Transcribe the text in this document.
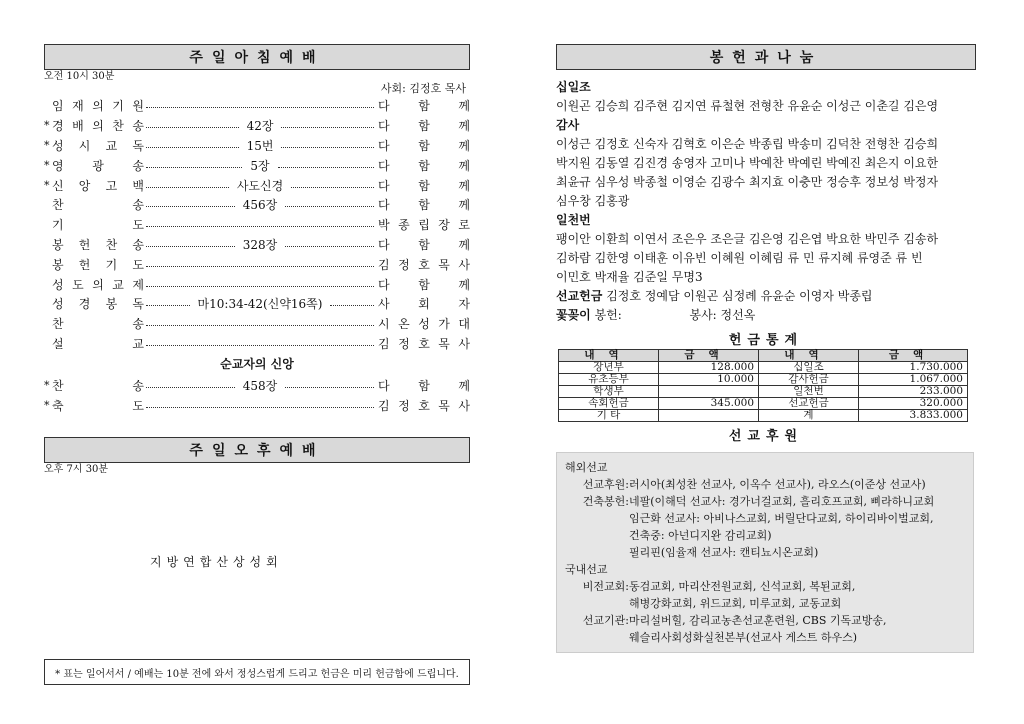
주일아침예배
오전 10시 30분
사회: 김정호 목사
임 재 의 기 원	다 함 께
* 경 배 의 찬 송	42장	다 함 께
* 성 시 교 독	15번	다 함 께
* 영 광 송	5장	다 함 께
* 신 앙 고 백	사도신경	다 함 께
찬	송	456장	다 함 께
기	도	박 종 립 장 로
봉 헌 찬 송	328장	다 함 께
봉 헌 기 도	김 정 호 목 사
성 도 의 교 제	다 함 께
성 경 봉 독	마10:34-42(신약16쪽)	사 회 자
찬	송	시 온 성 가 대
설	교	김 정 호 목 사
순교자의 신앙
* 찬	송	458장	다 함 께
* 축	도	김 정 호 목 사
주일오후예배
오후 7시 30분
지방연합산상성회
* 표는 일어서서 / 예배는 10분 전에 와서 정성스럽게 드리고 헌금은 미리 헌금함에 드립니다.
봉헌과나눔
십일조
이원곤 김승희 김주현 김지연 류철현 전형찬 유윤순 이성근 이춘길 김은영
감사
이성근 김정호 신숙자 김혁호 이은순 박종립 박송미 김덕찬 전형찬 김승희
박지원 김동열 김진경 송영자 고미나 박예찬 박예린 박예진 최은지 이요한
최윤규 심우성 박종철 이영순 김광수 최지효 이충만 정승후 정보성 박정자
심우창 김홍광
일천번
팽이안 이환희 이연서 조은우 조은글 김은영 김은엽 박요한 박민주 김송하
김하람 김한영 이태훈 이유빈 이혜원 이혜림 류 민 류지혜 류영준 류 빈
이민호 박재율 김준일 무명3
선교헌금 김정호 정예담 이원곤 심정례 유윤순 이영자 박종립
꽃꽂이 봉헌:	봉사: 정선옥
헌금통계
내역	금액	내역	금액
장년부	128.000	십일조	1.730.000
유초등부	10.000	감사헌금	1.067.000
학생부		일천번	233.000
속회헌금	345.000	선교헌금	320.000
기 타		계	3.833.000
선교후원
해외선교
선교후원: 러시아(최성찬 선교사, 이옥수 선교사), 라오스(이준상 선교사)
건축봉헌: 네팔(이해덕 선교사: 경가너걸교회, 흘리호프교회, 삐라하니교회
임근화 선교사: 아비나스교회, 버릴단다교회, 하이리바이벌교회,
건축중: 아넌디지완 감리교회)
필리핀(임율재 선교사: 캔티뇨시온교회)
국내선교
비전교회: 동검교회, 마리산전원교회, 신석교회, 복된교회,
해병강화교회, 위드교회, 미루교회, 교동교회
선교기관: 마리설버힐, 감리교농촌선교훈련원, CBS 기독교방송,
웨슬리사회성화실천본부(선교사 게스트 하우스)
